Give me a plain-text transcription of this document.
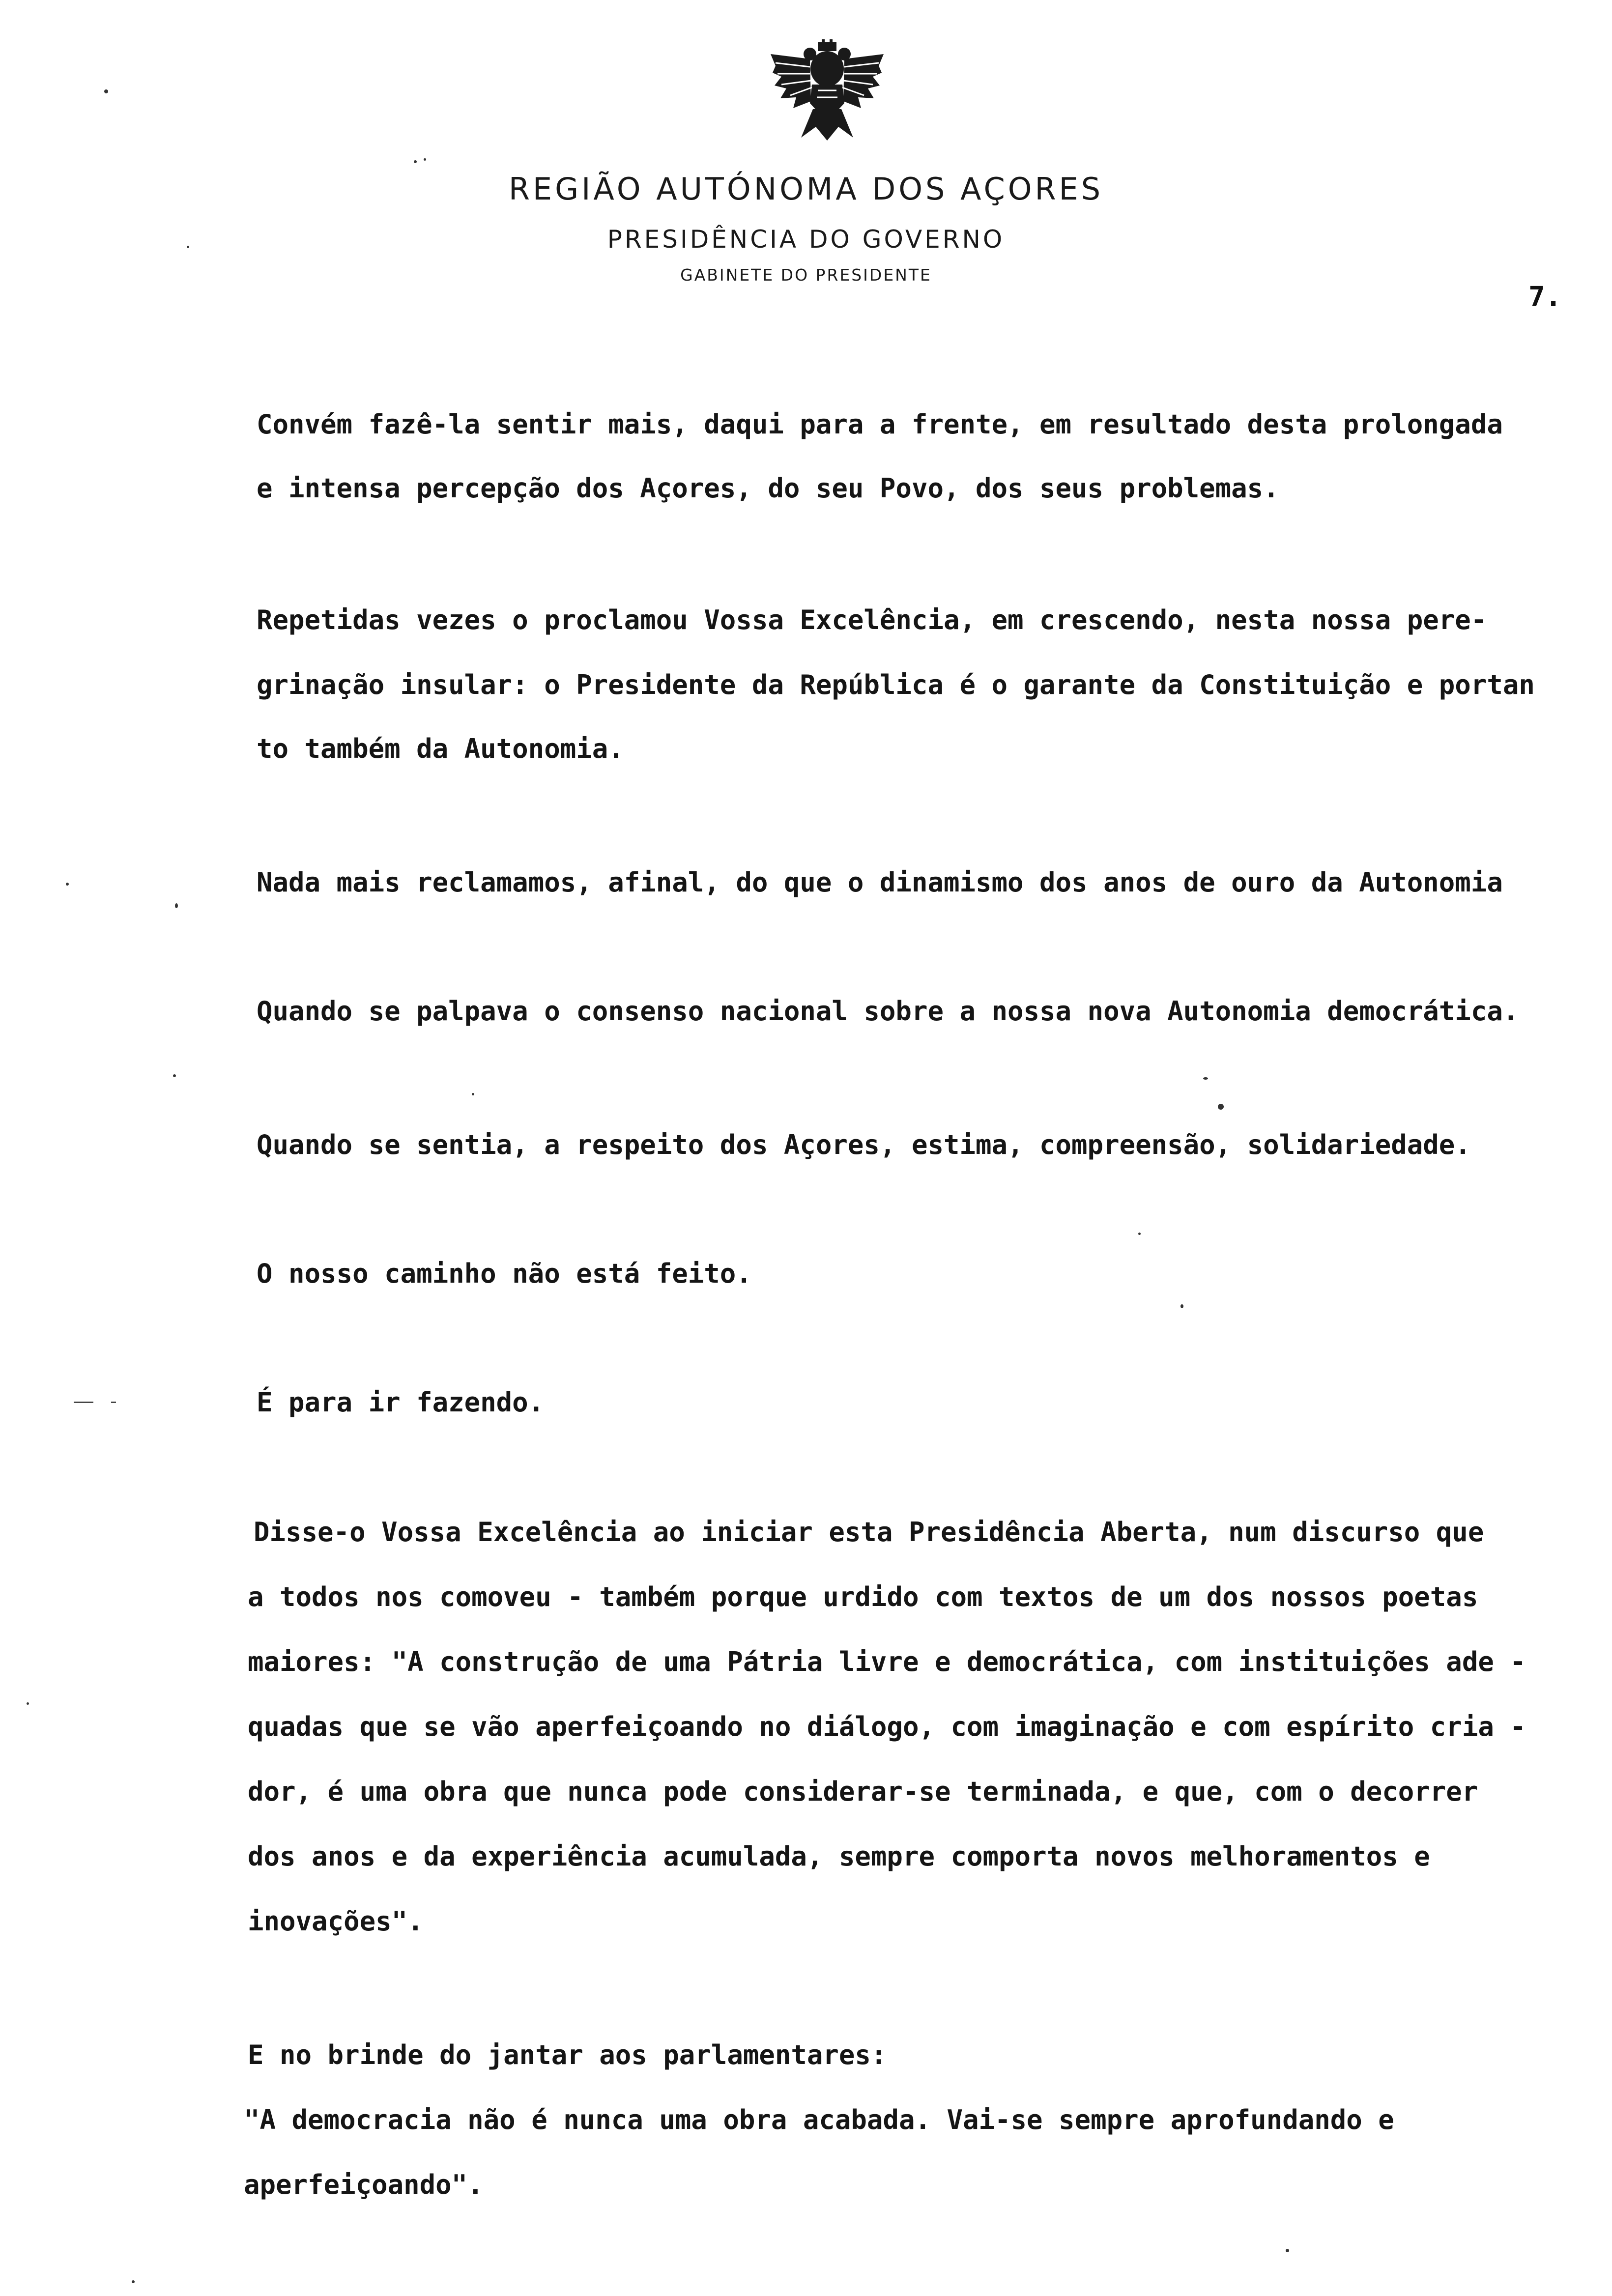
REGIÃO AUTÓNOMA DOS AÇORES
PRESIDÊNCIA DO GOVERNO
GABINETE DO PRESIDENTE
7.
Convém fazê-la sentir mais, daqui para a frente, em resultado desta prolongada
e intensa percepção dos Açores, do seu Povo, dos seus problemas.
Repetidas vezes o proclamou Vossa Excelência, em crescendo, nesta nossa pere-
grinação insular: o Presidente da República é o garante da Constituição e portan
to também da Autonomia.
Nada mais reclamamos, afinal, do que o dinamismo dos anos de ouro da Autonomia
Quando se palpava o consenso nacional sobre a nossa nova Autonomia democrática.
Quando se sentia, a respeito dos Açores, estima, compreensão, solidariedade.
O nosso caminho não está feito.
É para ir fazendo.
Disse-o Vossa Excelência ao iniciar esta Presidência Aberta, num discurso que
a todos nos comoveu - também porque urdido com textos de um dos nossos poetas
maiores: "A construção de uma Pátria livre e democrática, com instituições ade -
quadas que se vão aperfeiçoando no diálogo, com imaginação e com espírito cria -
dor, é uma obra que nunca pode considerar-se terminada, e que, com o decorrer
dos anos e da experiência acumulada, sempre comporta novos melhoramentos e
inovações".
E no brinde do jantar aos parlamentares:
"A democracia não é nunca uma obra acabada. Vai-se sempre aprofundando e
aperfeiçoando".
